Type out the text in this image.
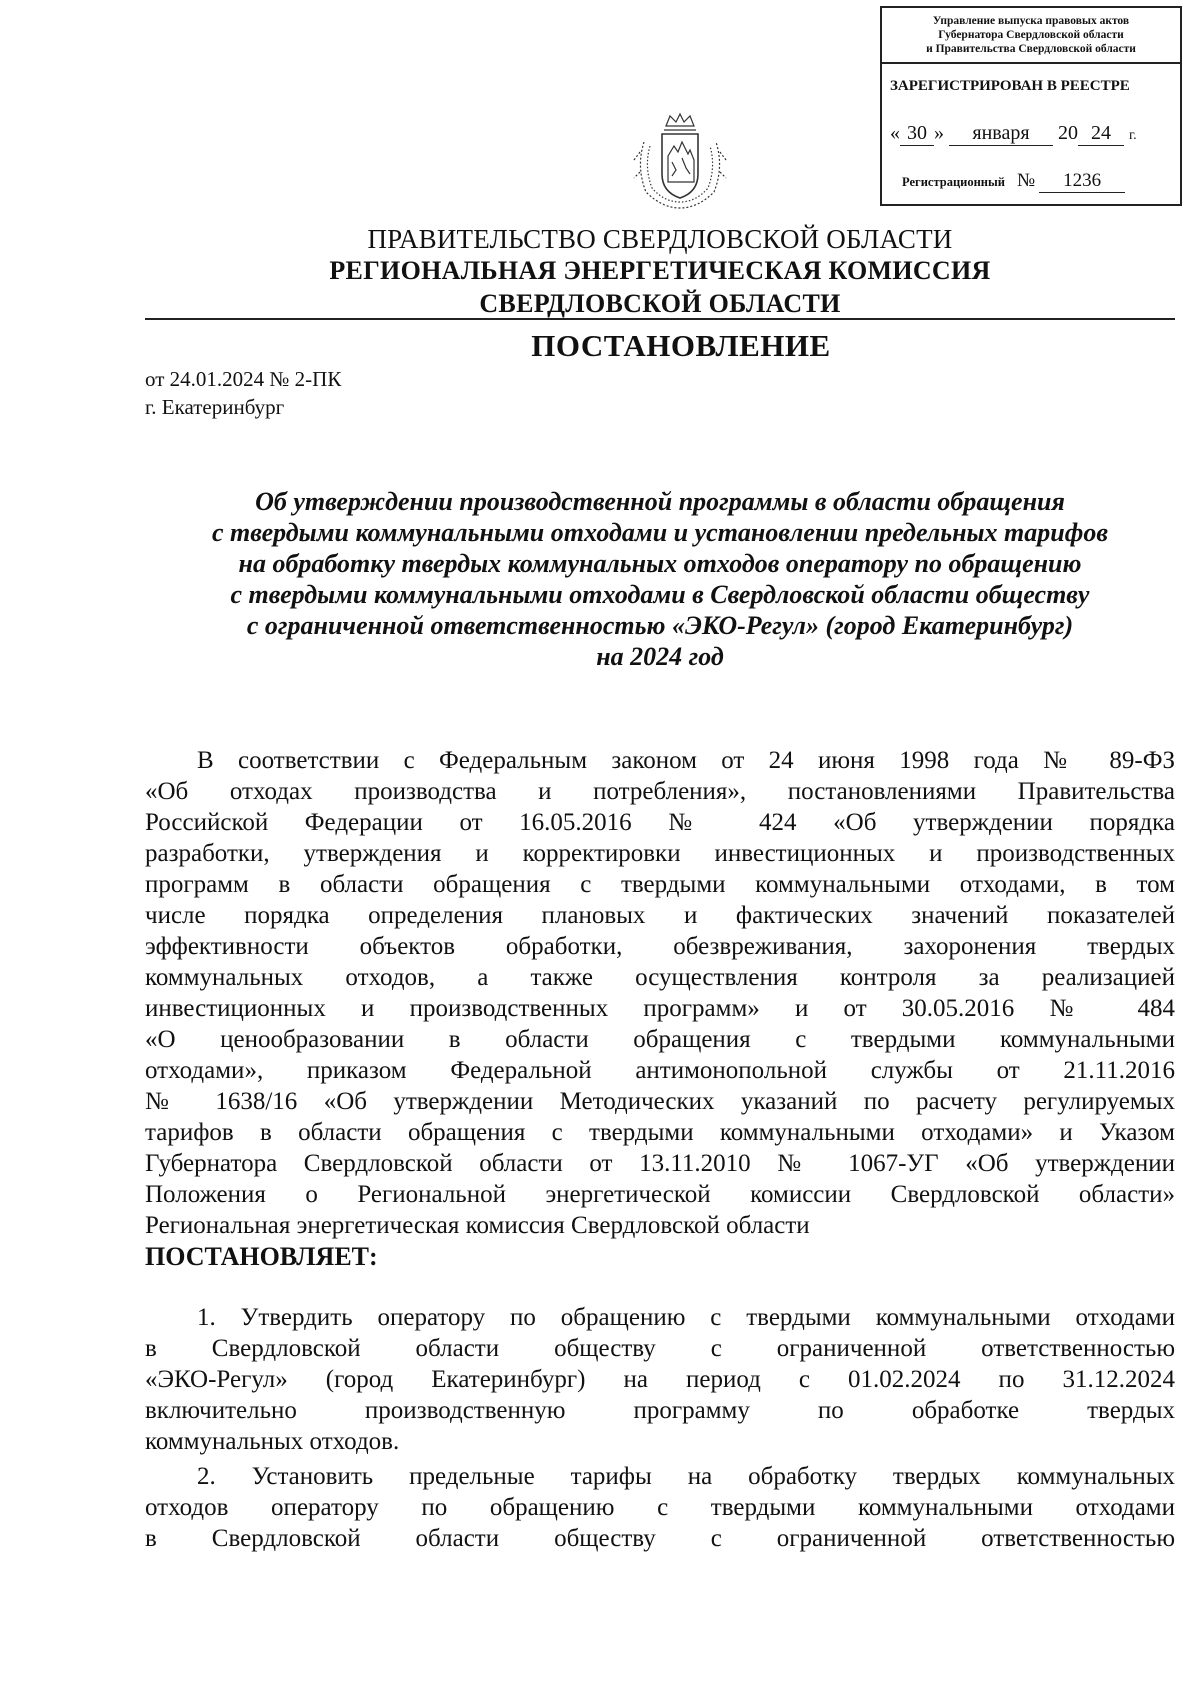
Управление выпуска правовых актов
Губернатора Свердловской области
и Правительства Свердловской области
ЗАРЕГИСТРИРОВАН В РЕЕСТРЕ
« 30 » января 20 24 г.
Регистрационный № 1236
ПРАВИТЕЛЬСТВО СВЕРДЛОВСКОЙ ОБЛАСТИ
РЕГИОНАЛЬНАЯ ЭНЕРГЕТИЧЕСКАЯ КОМИССИЯ
СВЕРДЛОВСКОЙ ОБЛАСТИ
ПОСТАНОВЛЕНИЕ
от 24.01.2024 № 2-ПК
г. Екатеринбург
Об утверждении производственной программы в области обращения
с твердыми коммунальными отходами и установлении предельных тарифов
на обработку твердых коммунальных отходов оператору по обращению
с твердыми коммунальными отходами в Свердловской области обществу
с ограниченной ответственностью «ЭКО-Регул» (город Екатеринбург)
на 2024 год
В соответствии с Федеральным законом от 24 июня 1998 года № 89-ФЗ
«Об отходах производства и потребления», постановлениями Правительства
Российской Федерации от 16.05.2016 № 424 «Об утверждении порядка
разработки, утверждения и корректировки инвестиционных и производственных
программ в области обращения с твердыми коммунальными отходами, в том
числе порядка определения плановых и фактических значений показателей
эффективности объектов обработки, обезвреживания, захоронения твердых
коммунальных отходов, а также осуществления контроля за реализацией
инвестиционных и производственных программ» и от 30.05.2016 № 484
«О ценообразовании в области обращения с твердыми коммунальными
отходами», приказом Федеральной антимонопольной службы от 21.11.2016
№ 1638/16 «Об утверждении Методических указаний по расчету регулируемых
тарифов в области обращения с твердыми коммунальными отходами» и Указом
Губернатора Свердловской области от 13.11.2010 № 1067-УГ «Об утверждении
Положения о Региональной энергетической комиссии Свердловской области»
Региональная энергетическая комиссия Свердловской области
ПОСТАНОВЛЯЕТ:
1. Утвердить оператору по обращению с твердыми коммунальными отходами
в Свердловской области обществу с ограниченной ответственностью
«ЭКО-Регул» (город Екатеринбург) на период с 01.02.2024 по 31.12.2024
включительно производственную программу по обработке твердых
коммунальных отходов.
2. Установить предельные тарифы на обработку твердых коммунальных
отходов оператору по обращению с твердыми коммунальными отходами
в Свердловской области обществу с ограниченной ответственностью
